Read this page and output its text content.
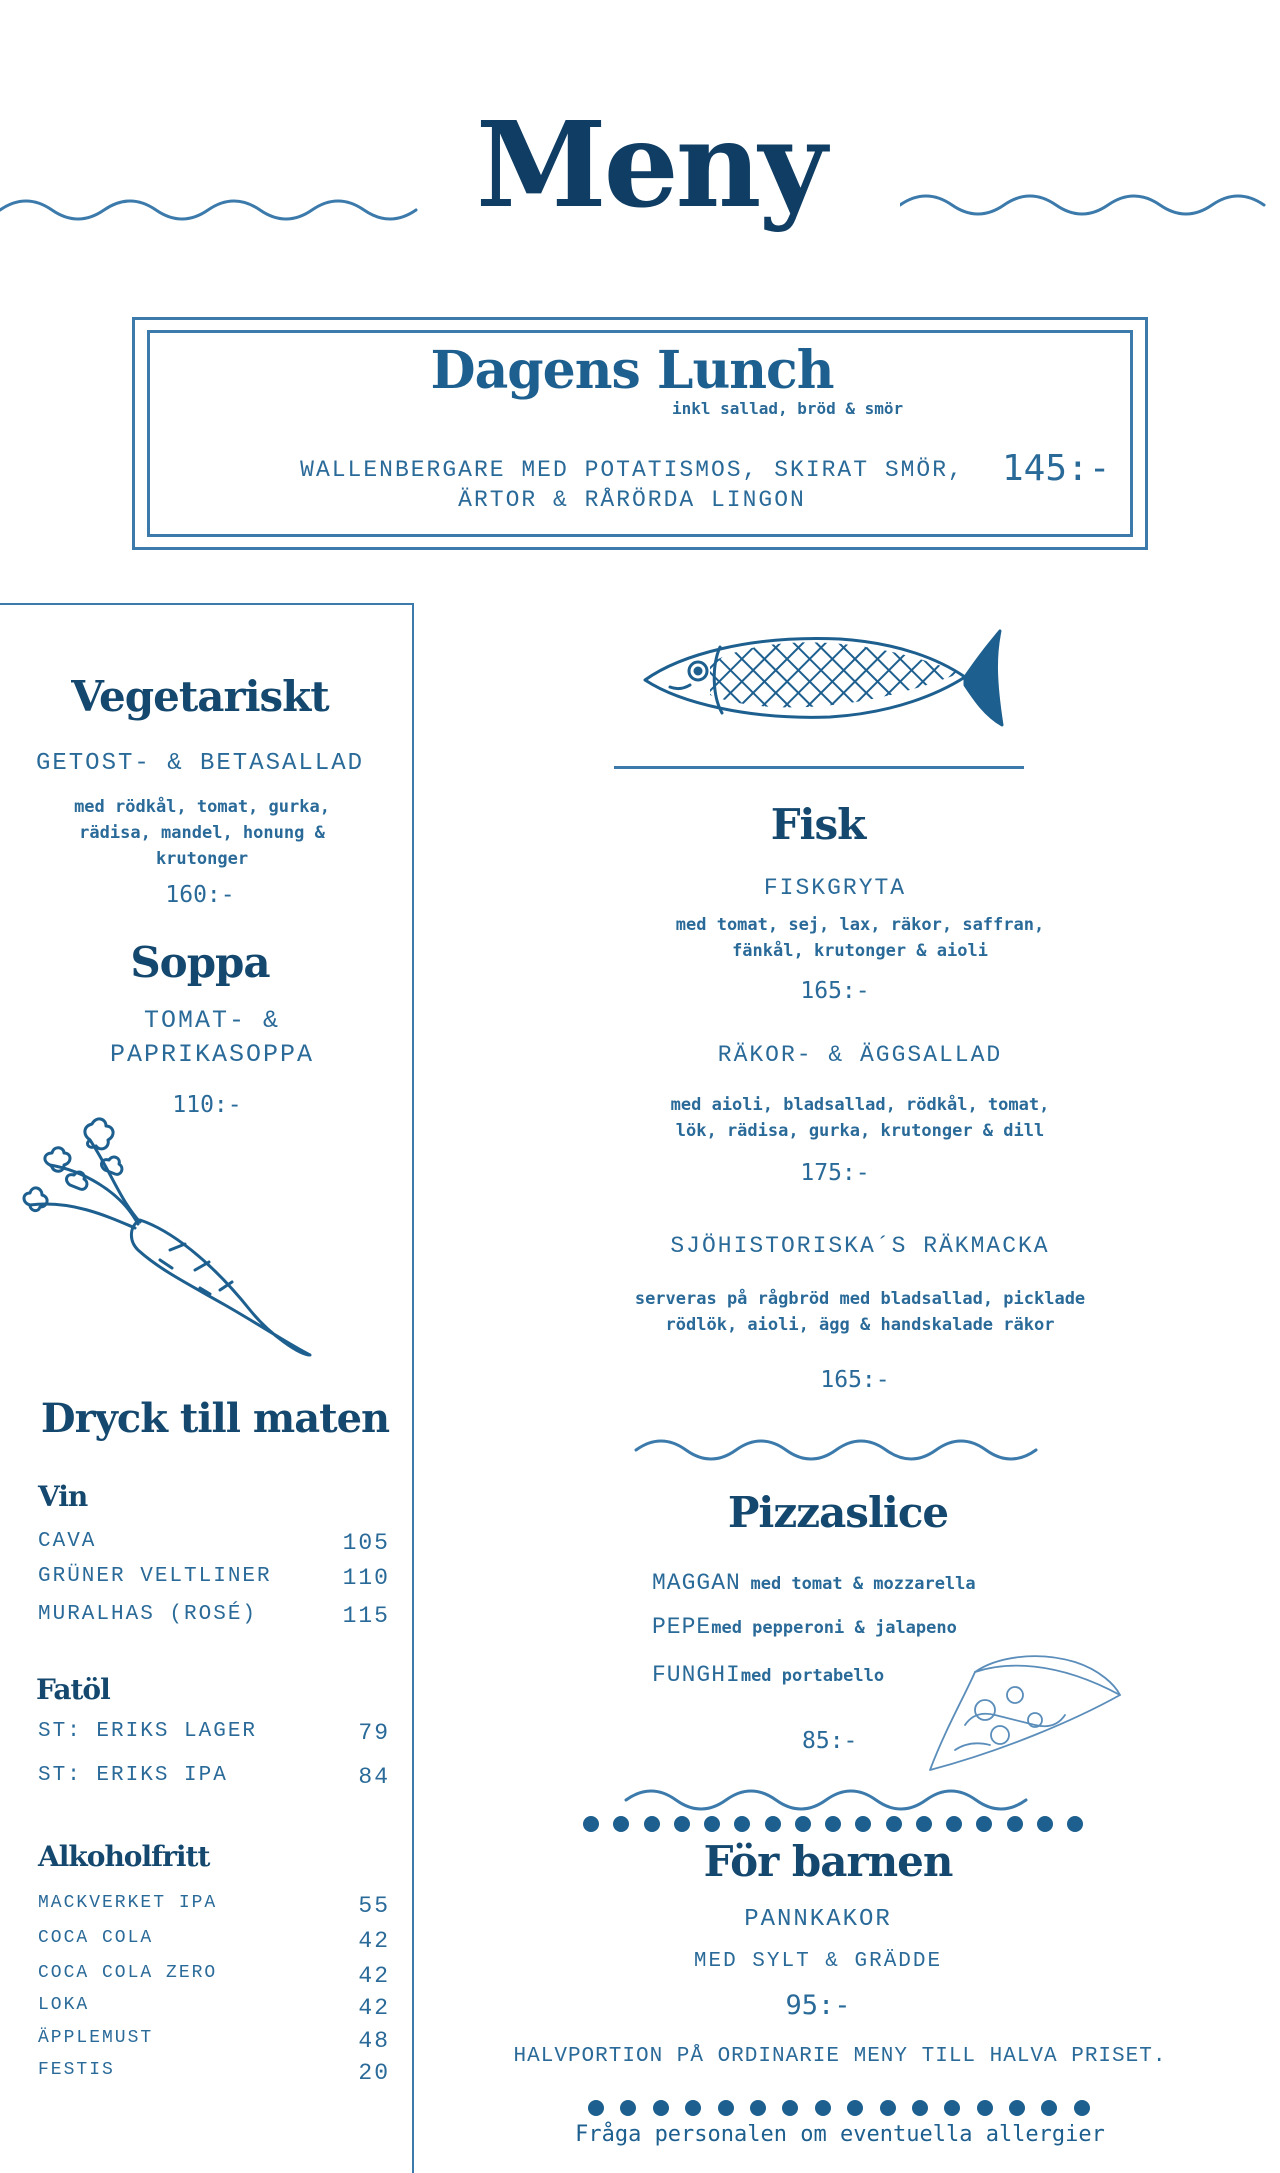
Meny
Dagens Lunch
inkl sallad, bröd & smör
WALLENBERGARE MED POTATISMOS, SKIRAT SMÖR,
ÄRTOR & RÅRÖRDA LINGON
145:-
Vegetariskt
GETOST- & BETASALLAD
med rödkål, tomat, gurka,
rädisa, mandel, honung &
krutonger
160:-
Soppa
TOMAT- &
PAPRIKASOPPA
110:-
Dryck till maten
Vin
CAVA	105
GRÜNER VELTLINER	110
MURALHAS (ROSÉ)	115
Fatöl
ST: ERIKS LAGER	79
ST: ERIKS IPA	84
Alkoholfritt
MACKVERKET IPA	55
COCA COLA	42
COCA COLA ZERO	42
LOKA	42
ÄPPLEMUST	48
FESTIS	20
Fisk
FISKGRYTA
med tomat, sej, lax, räkor, saffran,
fänkål, krutonger & aioli
165:-
RÄKOR- & ÄGGSALLAD
med aioli, bladsallad, rödkål, tomat,
lök, rädisa, gurka, krutonger & dill
175:-
SJÖHISTORISKA´S RÄKMACKA
serveras på rågbröd med bladsallad, picklade
rödlök, aioli, ägg & handskalade räkor
165:-
Pizzaslice
MAGGAN med tomat & mozzarella
PEPEmed pepperoni & jalapeno
FUNGHImed portabello
85:-
För barnen
PANNKAKOR
MED SYLT & GRÄDDE
95:-
HALVPORTION PÅ ORDINARIE MENY TILL HALVA PRISET.
Fråga personalen om eventuella allergier
